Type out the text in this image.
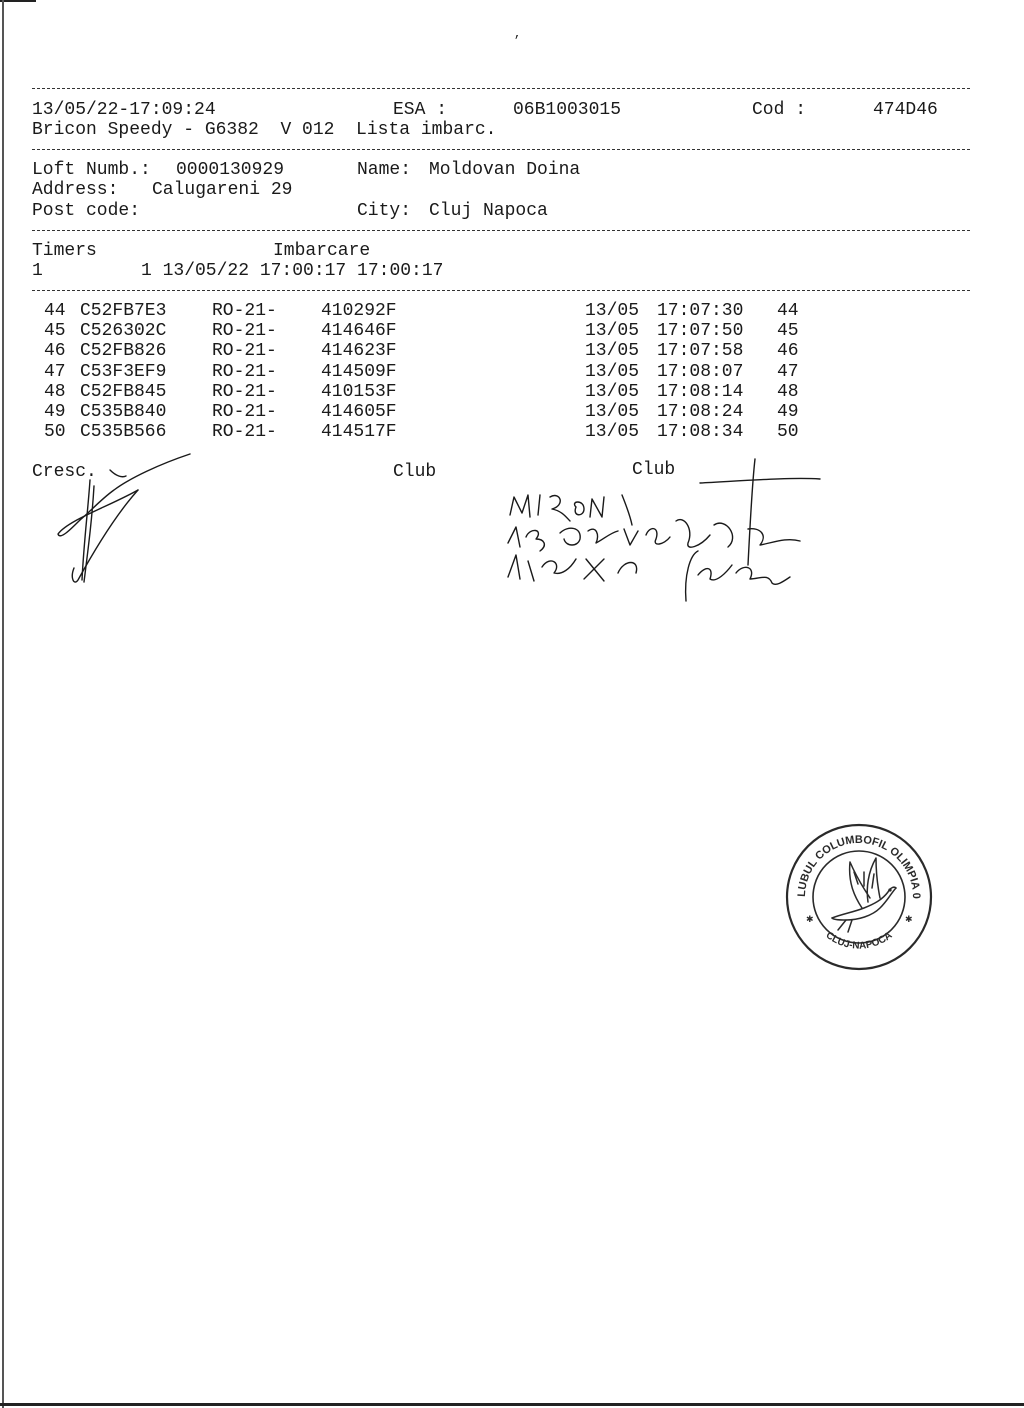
,
13/05/22-17:09:24	ESA :	06B1003015	Cod :	474D46
Bricon Speedy - G6382  V 012  Lista imbarc.
Loft Numb.: 0000130929	Name: Moldovan Doina
Address: Calugareni 29
Post code:	City: Cluj Napoca
Timers	Imbarcare
1	1 13/05/22 17:00:17 17:00:17
44 C52FB7E3	RO-21- 410292F	13/05 17:07:30 44
45 C526302C	RO-21- 414646F	13/05 17:07:50 45
46 C52FB826	RO-21- 414623F	13/05 17:07:58 46
47 C53F3EF9	RO-21- 414509F	13/05 17:08:07 47
48 C52FB845	RO-21- 410153F	13/05 17:08:14 48
49 C535B840	RO-21- 414605F	13/05 17:08:24 49
50 C535B566	RO-21- 414517F	13/05 17:08:34 50
Cresc.	Club	Club
CLUBUL COLUMBOFIL OLIMPIA 04
CLUJ-NAPOCA
✱	✱
